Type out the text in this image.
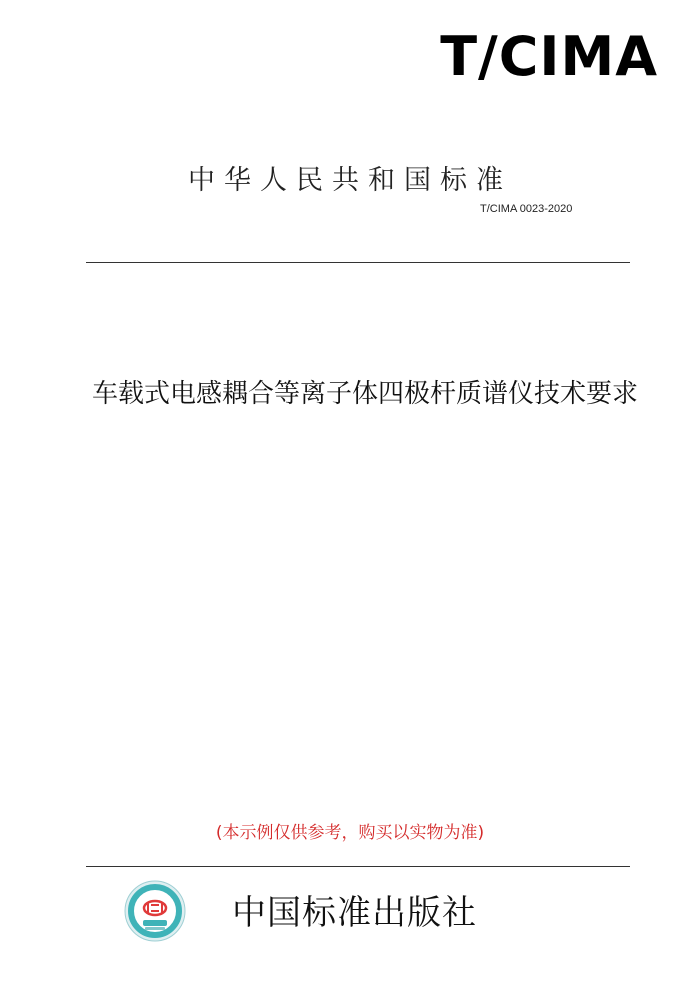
T/CIMA
中华人民共和国标准
T/CIMA 0023-2020
车载式电感耦合等离子体四极杆质谱仪技术要求
(本示例仅供参考，购买以实物为准)
中国标准出版社
